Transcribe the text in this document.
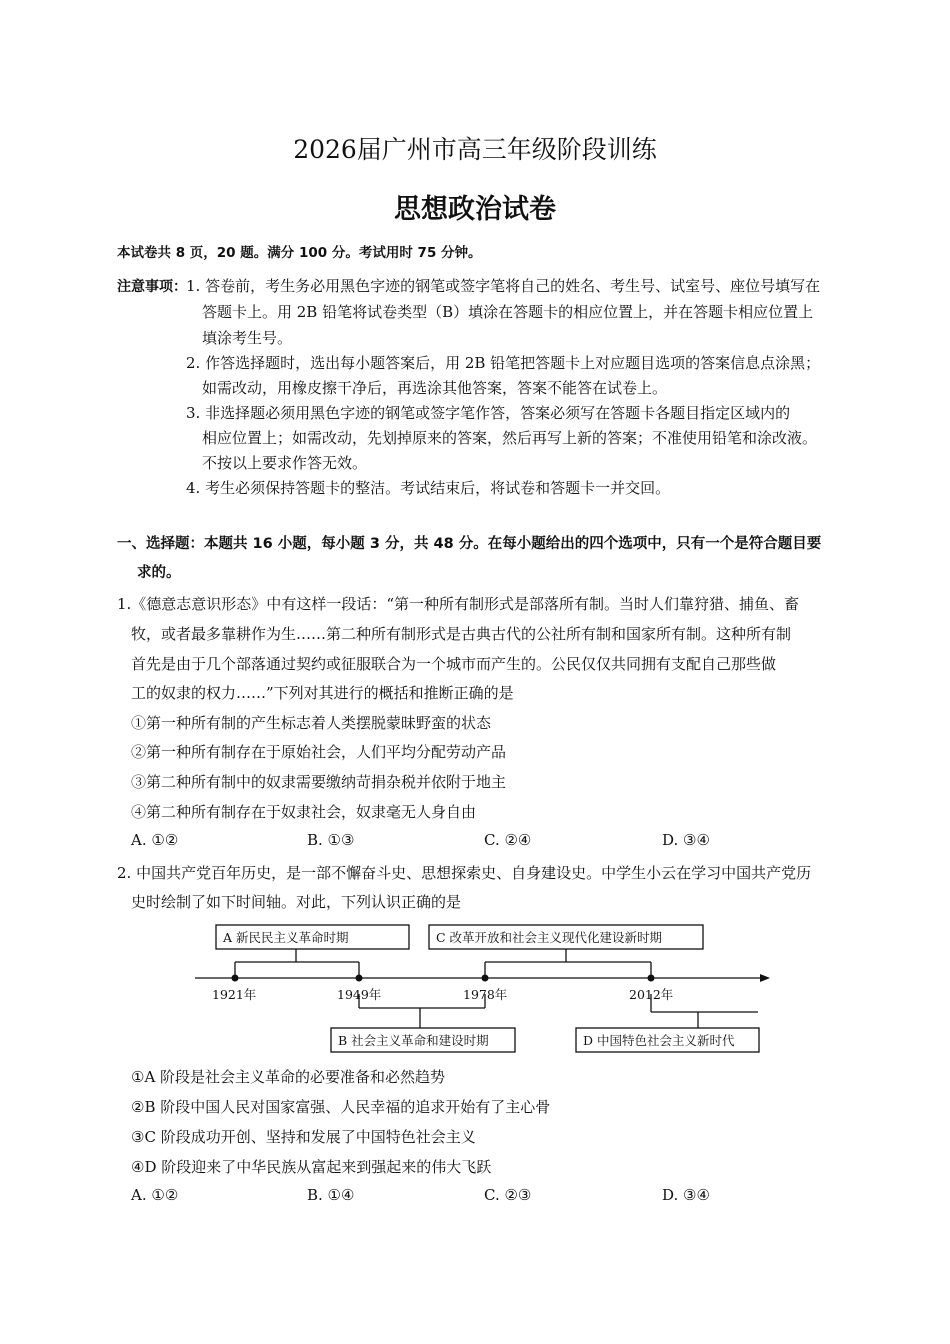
2026届广州市高三年级阶段训练
思想政治试卷
本试卷共 8 页，20 题。满分 100 分。考试用时 75 分钟。
注意事项： 1. 答卷前，考生务必用黑色字迹的钢笔或签字笔将自己的姓名、考生号、试室号、座位号填写在
答题卡上。用 2B 铅笔将试卷类型（B）填涂在答题卡的相应位置上，并在答题卡相应位置上
填涂考生号。
2. 作答选择题时，选出每小题答案后，用 2B 铅笔把答题卡上对应题目选项的答案信息点涂黑；
如需改动，用橡皮擦干净后，再选涂其他答案，答案不能答在试卷上。
3. 非选择题必须用黑色字迹的钢笔或签字笔作答，答案必须写在答题卡各题目指定区域内的
相应位置上；如需改动，先划掉原来的答案，然后再写上新的答案；不准使用铅笔和涂改液。
不按以上要求作答无效。
4. 考生必须保持答题卡的整洁。考试结束后，将试卷和答题卡一并交回。
一、选择题：本题共 16 小题，每小题 3 分，共 48 分。在每小题给出的四个选项中，只有一个是符合题目要
求的。
1.《德意志意识形态》中有这样一段话：“第一种所有制形式是部落所有制。当时人们靠狩猎、捕鱼、畜
牧，或者最多靠耕作为生……第二种所有制形式是古典古代的公社所有制和国家所有制。这种所有制
首先是由于几个部落通过契约或征服联合为一个城市而产生的。公民仅仅共同拥有支配自己那些做
工的奴隶的权力……”下列对其进行的概括和推断正确的是
①第一种所有制的产生标志着人类摆脱蒙昧野蛮的状态
②第一种所有制存在于原始社会，人们平均分配劳动产品
③第二种所有制中的奴隶需要缴纳苛捐杂税并依附于地主
④第二种所有制存在于奴隶社会，奴隶毫无人身自由
A. ①②	B. ①③	C. ②④	D. ③④
2. 中国共产党百年历史，是一部不懈奋斗史、思想探索史、自身建设史。中学生小云在学习中国共产党历
史时绘制了如下时间轴。对此，下列认识正确的是
1921年	1949年	1978年	2012年
A 新民民主义革命时期	C 改革开放和社会主义现代化建设新时期
B 社会主义革命和建设时期	D 中国特色社会主义新时代
①A 阶段是社会主义革命的必要准备和必然趋势
②B 阶段中国人民对国家富强、人民幸福的追求开始有了主心骨
③C 阶段成功开创、坚持和发展了中国特色社会主义
④D 阶段迎来了中华民族从富起来到强起来的伟大飞跃
A. ①②	B. ①④	C. ②③	D. ③④
